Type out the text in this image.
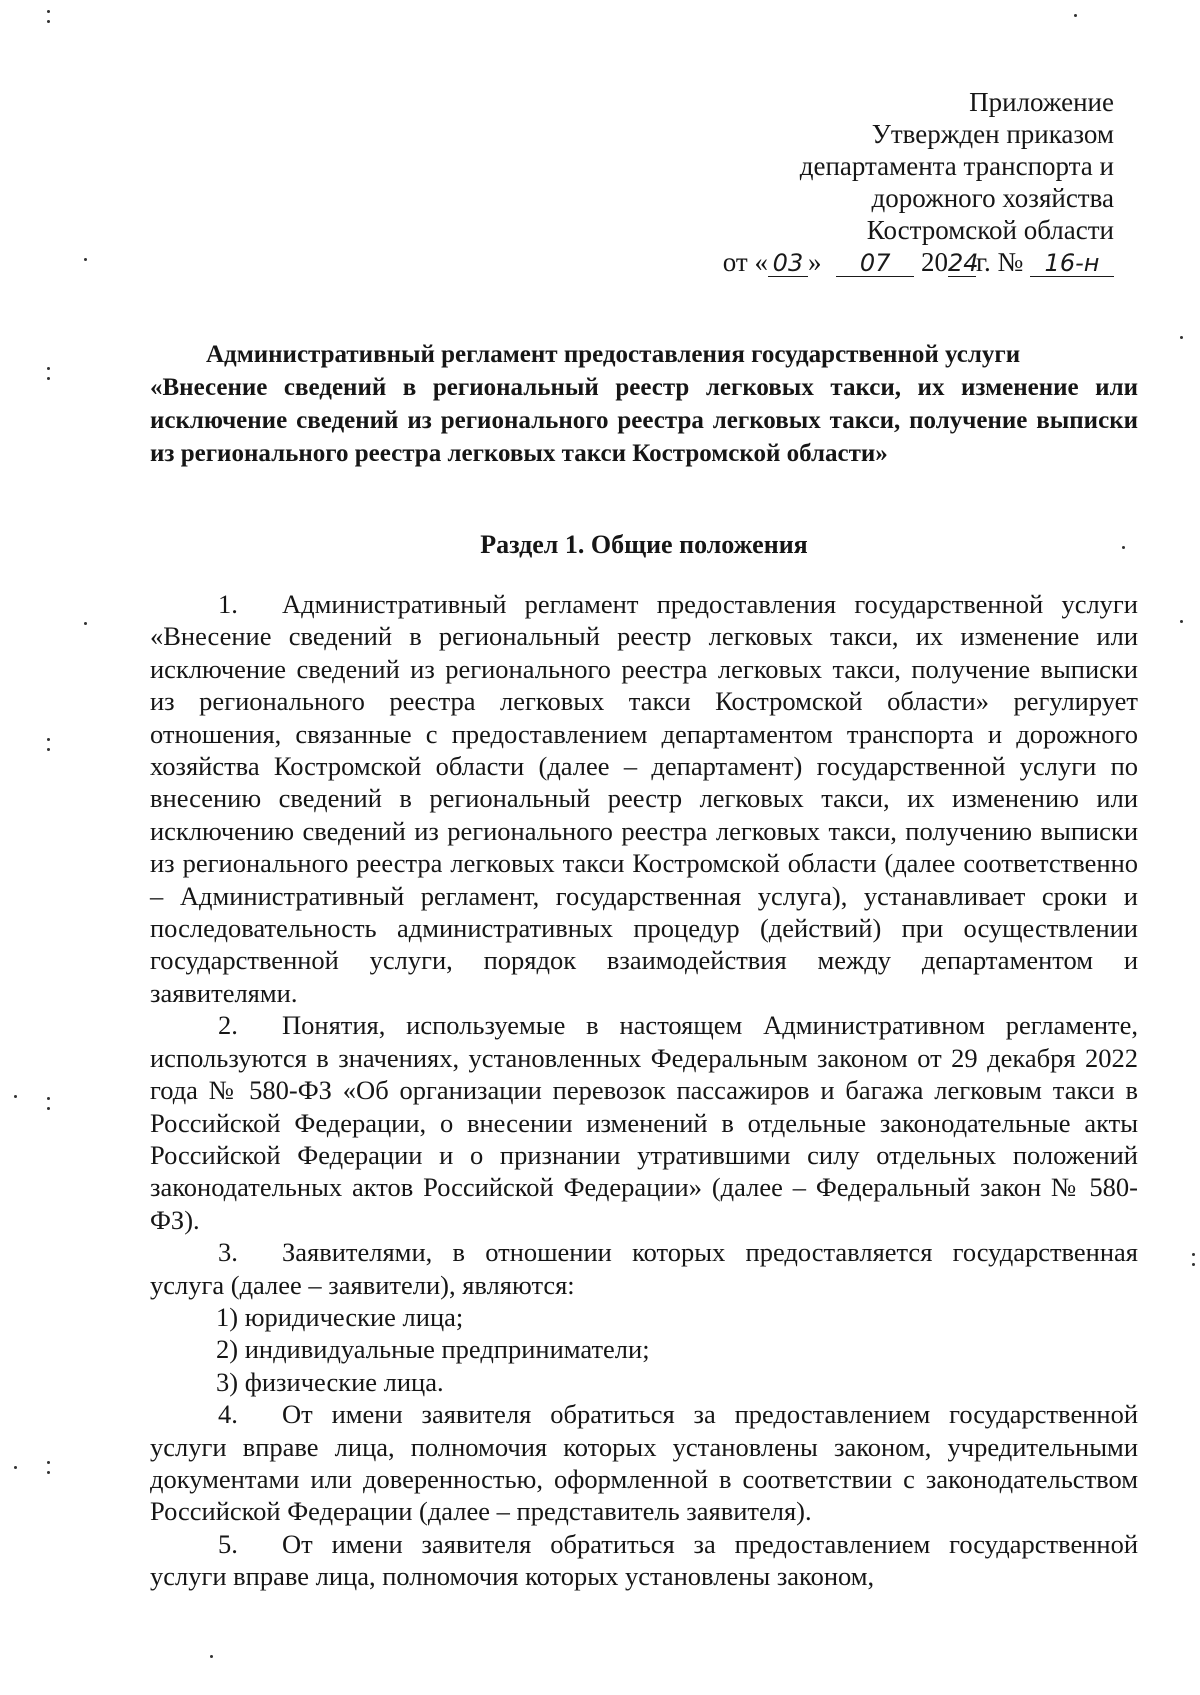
Приложение
Утвержден приказом
департамента транспорта и
дорожного хозяйства
Костромской области
от « 03 » 07 2024г. № 16-н
Административный регламент предоставления государственной услуги
«Внесение сведений в региональный реестр легковых такси, их изменение или исключение сведений из регионального реестра легковых такси, получение выписки из регионального реестра легковых такси Костромской области»
Раздел 1. Общие положения

1. Административный регламент предоставления государственной услуги «Внесение сведений в региональный реестр легковых такси, их изменение или исключение сведений из регионального реестра легковых такси, получение выписки из регионального реестра легковых такси Костромской области» регулирует отношения, связанные с предоставлением департаментом транспорта и дорожного хозяйства Костромской области (далее – департамент) государственной услуги по внесению сведений в региональный реестр легковых такси, их изменению или исключению сведений из регионального реестра легковых такси, получению выписки из регионального реестра легковых такси Костромской области (далее соответственно – Административный регламент, государственная услуга), устанавливает сроки и последовательность административных процедур (действий) при осуществлении государственной услуги, порядок взаимодействия между департаментом и заявителями.

2. Понятия, используемые в настоящем Административном регламенте, используются в значениях, установленных Федеральным законом от 29 декабря 2022 года № 580-ФЗ «Об организации перевозок пассажиров и багажа легковым такси в Российской Федерации, о внесении изменений в отдельные законодательные акты Российской Федерации и о признании утратившими силу отдельных положений законодательных актов Российской Федерации» (далее – Федеральный закон № 580-ФЗ).

3. Заявителями, в отношении которых предоставляется государственная услуга (далее – заявители), являются:

1) юридические лица;
2) индивидуальные предприниматели;
3) физические лица.

4. От имени заявителя обратиться за предоставлением государственной услуги вправе лица, полномочия которых установлены законом, учредительными документами или доверенностью, оформленной в соответствии с законодательством Российской Федерации (далее – представитель заявителя).

5. От имени заявителя обратиться за предоставлением государственной услуги вправе лица, полномочия которых установлены законом,
